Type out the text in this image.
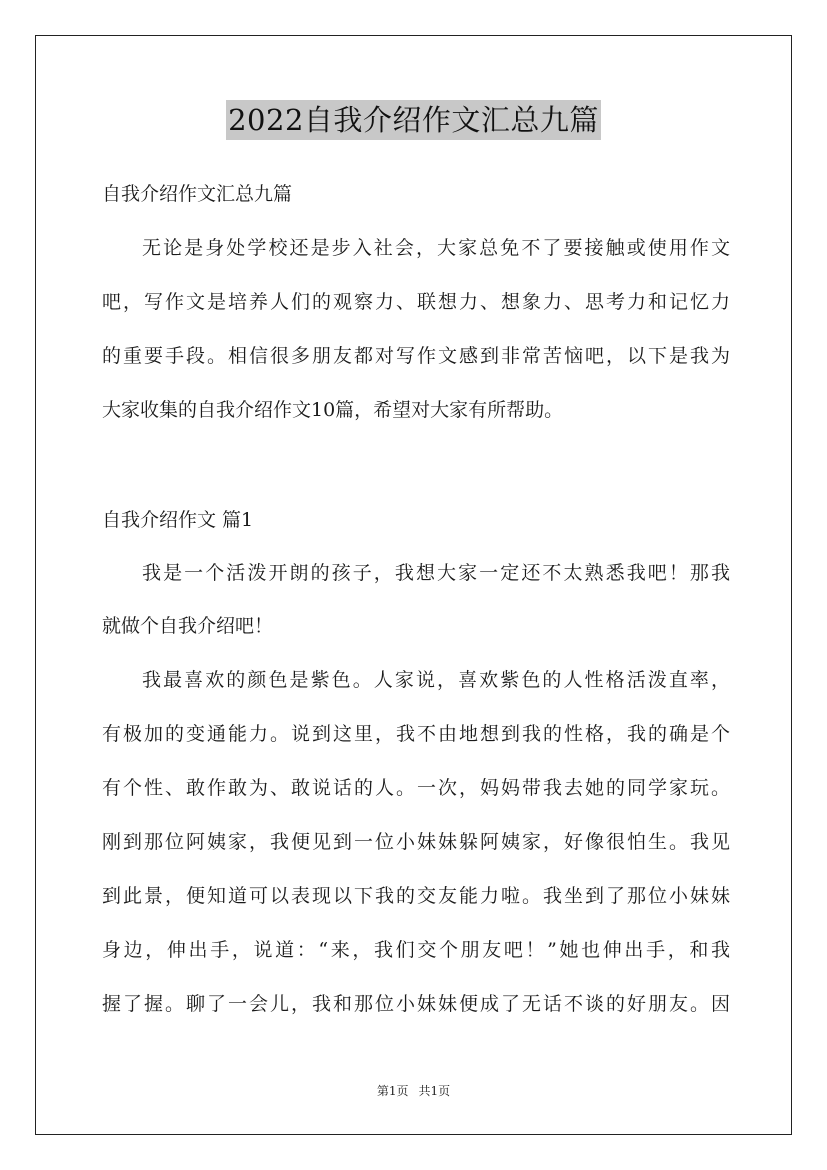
2022自我介绍作文汇总九篇
自我介绍作文汇总九篇
无论是身处学校还是步入社会，大家总免不了要接触或使用作文
吧，写作文是培养人们的观察力、联想力、想象力、思考力和记忆力
的重要手段。相信很多朋友都对写作文感到非常苦恼吧，以下是我为
大家收集的自我介绍作文10篇，希望对大家有所帮助。
自我介绍作文 篇1
我是一个活泼开朗的孩子，我想大家一定还不太熟悉我吧！那我
就做个自我介绍吧！
我最喜欢的颜色是紫色。人家说，喜欢紫色的人性格活泼直率，
有极加的变通能力。说到这里，我不由地想到我的性格，我的确是个
有个性、敢作敢为、敢说话的人。一次，妈妈带我去她的同学家玩。
刚到那位阿姨家，我便见到一位小妹妹躲阿姨家，好像很怕生。我见
到此景，便知道可以表现以下我的交友能力啦。我坐到了那位小妹妹
身边，伸出手，说道：“来，我们交个朋友吧！”她也伸出手，和我
握了握。聊了一会儿，我和那位小妹妹便成了无话不谈的好朋友。因
第1页 共1页
